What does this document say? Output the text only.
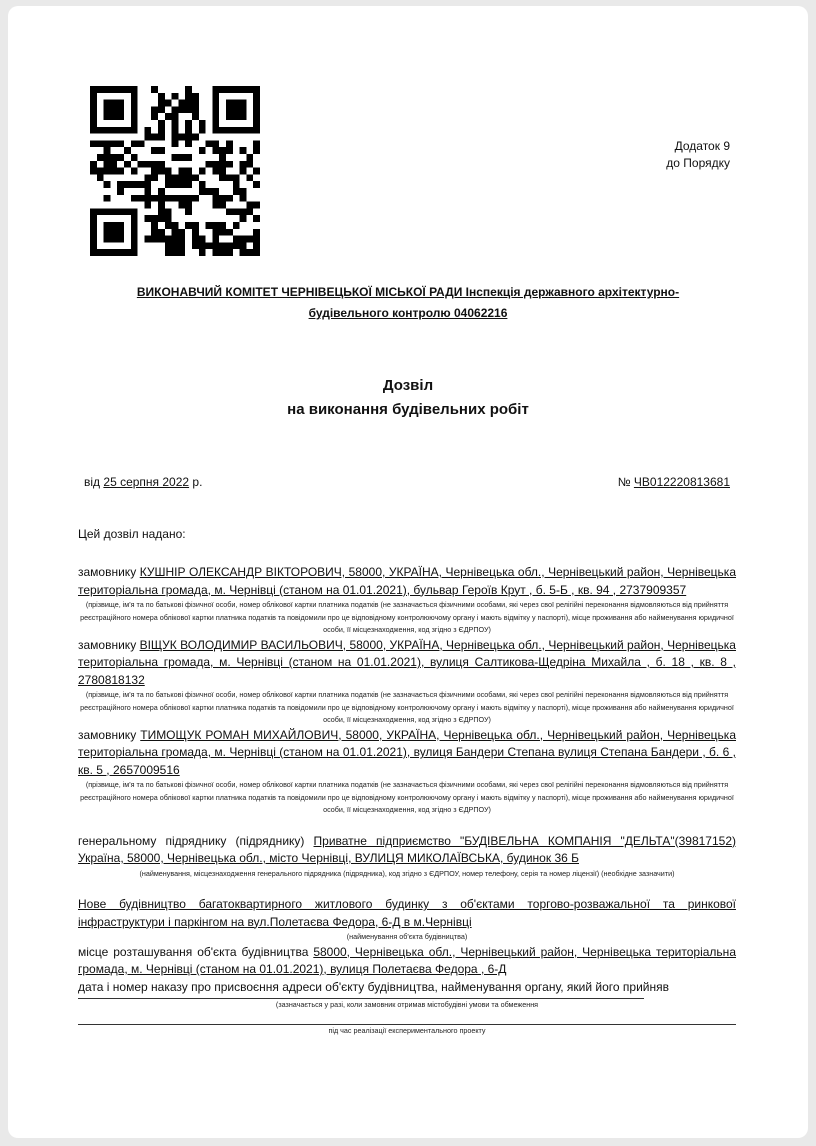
Додаток 9
до Порядку
ВИКОНАВЧИЙ КОМІТЕТ ЧЕРНІВЕЦЬКОЇ МІСЬКОЇ РАДИ Інспекція державного архітектурно-
будівельного контролю 04062216
Дозвіл
на виконання будівельних робіт
від 25 серпня 2022 р.	№ ЧВ012220813681

Цей дозвіл надано:

замовнику КУШНІР ОЛЕКСАНДР ВІКТОРОВИЧ, 58000, УКРАЇНА, Чернівецька обл., Чернівецький район, Чернівецька територіальна громада, м. Чернівці (станом на 01.01.2021), бульвар Героїв Крут , б. 5-Б , кв. 94 , 2737909357

(прізвище, ім'я та по батькові фізичної особи, номер облікової картки платника податків (не зазначається фізичними особами, які через свої релігійні переконання відмовляються від прийняття реєстраційного номера облікової картки платника податків та повідомили про це відповідному контролюючому органу і мають відмітку у паспорті), місце проживання або найменування юридичної особи, її місцезнаходження, код згідно з ЄДРПОУ)

замовнику ВІЩУК ВОЛОДИМИР ВАСИЛЬОВИЧ, 58000, УКРАЇНА, Чернівецька обл., Чернівецький район, Чернівецька територіальна громада, м. Чернівці (станом на 01.01.2021), вулиця Салтикова-Щедріна Михайла , б. 18 , кв. 8 , 2780818132

(прізвище, ім'я та по батькові фізичної особи, номер облікової картки платника податків (не зазначається фізичними особами, які через свої релігійні переконання відмовляються від прийняття реєстраційного номера облікової картки платника податків та повідомили про це відповідному контролюючому органу і мають відмітку у паспорті), місце проживання або найменування юридичної особи, її місцезнаходження, код згідно з ЄДРПОУ)

замовнику ТИМОЩУК РОМАН МИХАЙЛОВИЧ, 58000, УКРАЇНА, Чернівецька обл., Чернівецький район, Чернівецька територіальна громада, м. Чернівці (станом на 01.01.2021), вулиця Бандери Степана вулиця Степана Бандери , б. 6 , кв. 5 , 2657009516

(прізвище, ім'я та по батькові фізичної особи, номер облікової картки платника податків (не зазначається фізичними особами, які через свої релігійні переконання відмовляються від прийняття реєстраційного номера облікової картки платника податків та повідомили про це відповідному контролюючому органу і мають відмітку у паспорті), місце проживання або найменування юридичної особи, її місцезнаходження, код згідно з ЄДРПОУ)

генеральному підряднику (підряднику) Приватне підприємство "БУДІВЕЛЬНА КОМПАНІЯ "ДЕЛЬТА"(39817152) Україна, 58000, Чернівецька обл., місто Чернівці, ВУЛИЦЯ МИКОЛАЇВСЬКА, будинок 36 Б

(найменування, місцезнаходження генерального підрядника (підрядника), код згідно з ЄДРПОУ, номер телефону, серія та номер ліцензії) (необхідне зазначити)

Нове будівництво багатоквартирного житлового будинку з об'єктами торгово-розважальної та ринкової інфраструктури і паркінгом на вул.Полетаєва Федора, 6-Д в м.Чернівці

(найменування об'єкта будівництва)

місце розташування об'єкта будівництва 58000, Чернівецька обл., Чернівецький район, Чернівецька територіальна громада, м. Чернівці (станом на 01.01.2021), вулиця Полетаєва Федора , 6-Д

дата і номер наказу про присвоєння адреси об'єкту будівництва, найменування органу, який його прийняв

(зазначається у разі, коли замовник отримав містобудівні умови та обмеження

під час реалізації експериментального проекту
